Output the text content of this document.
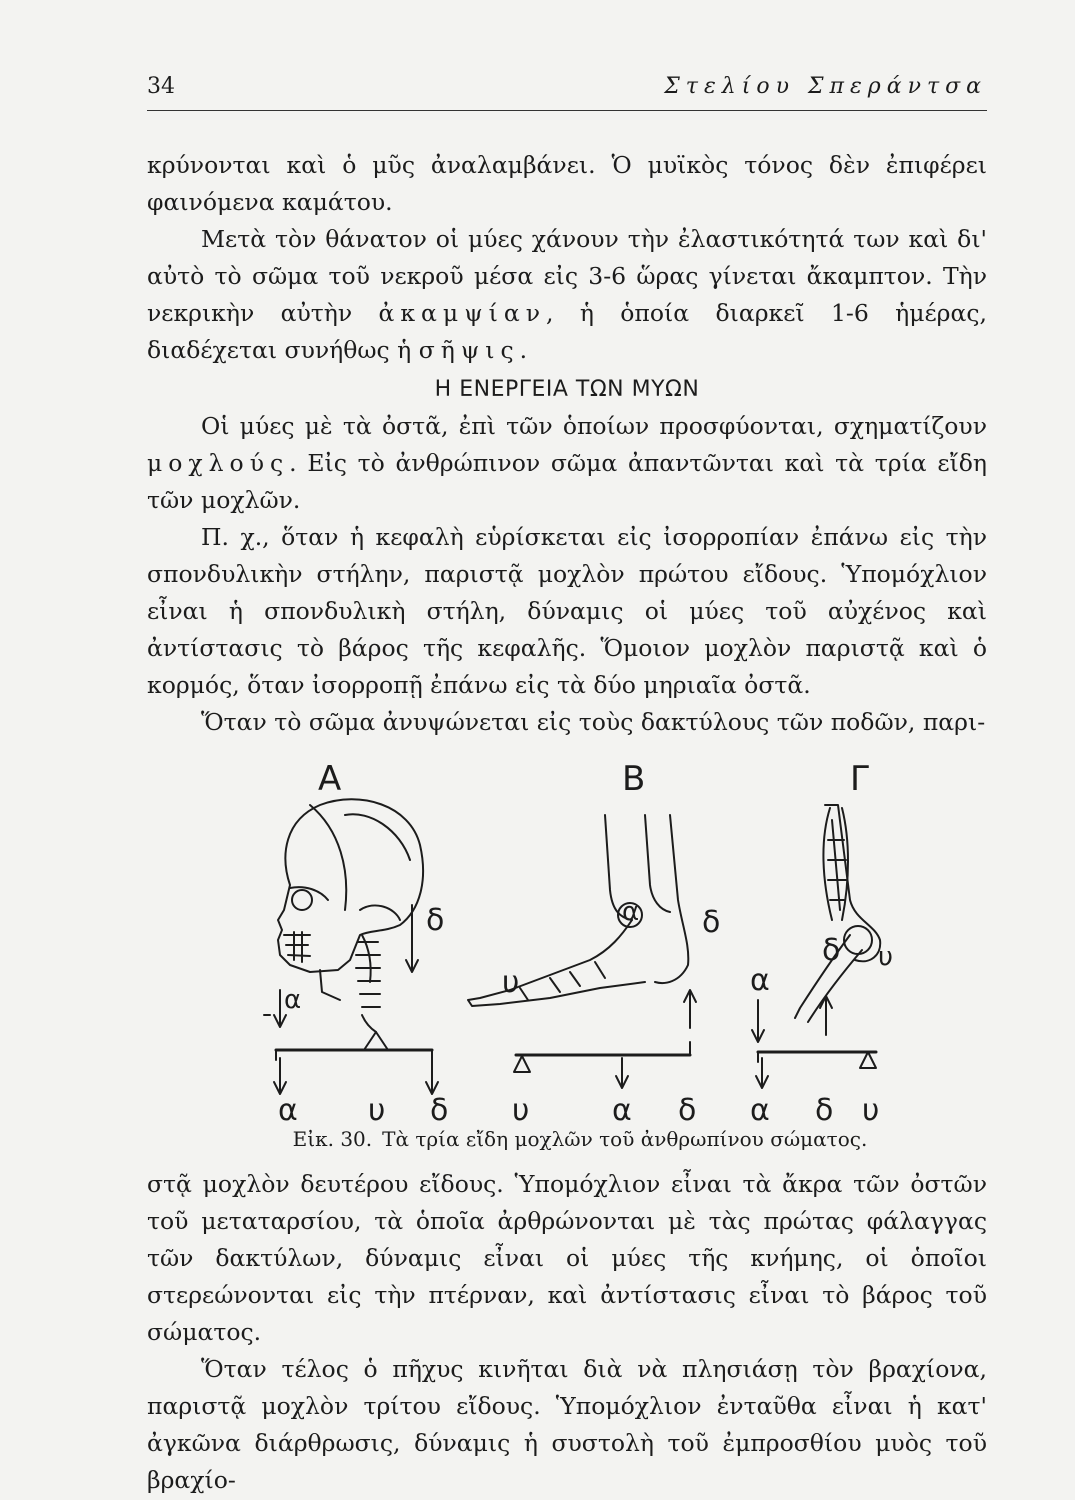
34	Στελίου Σπεράντσα

κρύνονται καὶ ὁ μῦς ἀναλαμβάνει. Ὁ μυϊκὸς τόνος δὲν ἐπιφέρει φαινόμενα καμάτου.

Μετὰ τὸν θάνατον οἱ μύες χάνουν τὴν ἐλαστικότητά των καὶ δι' αὐτὸ τὸ σῶμα τοῦ νεκροῦ μέσα εἰς 3-6 ὥρας γίνεται ἄκαμπτον. Τὴν νεκρικὴν αὐτὴν ἀκαμψίαν, ἡ ὁποία διαρκεῖ 1-6 ἡμέρας, διαδέχεται συνήθως ἡ σῆψις.

Η ΕΝΕΡΓΕΙΑ ΤΩΝ ΜΥΩΝ

Οἱ μύες μὲ τὰ ὀστᾶ, ἐπὶ τῶν ὁποίων προσφύονται, σχηματίζουν μοχλούς. Εἰς τὸ ἀνθρώπινον σῶμα ἀπαντῶνται καὶ τὰ τρία εἴδη τῶν μοχλῶν.

Π. χ., ὅταν ἡ κεφαλὴ εὑρίσκεται εἰς ἰσορροπίαν ἐπάνω εἰς τὴν σπονδυλικὴν στήλην, παριστᾷ μοχλὸν πρώτου εἴδους. Ὑπομόχλιον εἶναι ἡ σπονδυλικὴ στήλη, δύναμις οἱ μύες τοῦ αὐχένος καὶ ἀντίστασις τὸ βάρος τῆς κεφαλῆς. Ὅμοιον μοχλὸν παριστᾷ καὶ ὁ κορμός, ὅταν ἰσορροπῇ ἐπάνω εἰς τὰ δύο μηριαῖα ὀστᾶ.

Ὅταν τὸ σῶμα ἀνυψώνεται εἰς τοὺς δακτύλους τῶν ποδῶν, παρι-

Α
δ
α
α υ δ
Β
α δ
υ
υ	α δ
Γ
δ υ
α
α δ υ
Εἰκ. 30. Τὰ τρία εἴδη μοχλῶν τοῦ ἀνθρωπίνου σώματος.

στᾷ μοχλὸν δευτέρου εἴδους. Ὑπομόχλιον εἶναι τὰ ἄκρα τῶν ὀστῶν τοῦ μεταταρσίου, τὰ ὁποῖα ἀρθρώνονται μὲ τὰς πρώτας φάλαγγας τῶν δακτύλων, δύναμις εἶναι οἱ μύες τῆς κνήμης, οἱ ὁποῖοι στερεώνονται εἰς τὴν πτέρναν, καὶ ἀντίστασις εἶναι τὸ βάρος τοῦ σώματος.

Ὅταν τέλος ὁ πῆχυς κινῆται διὰ νὰ πλησιάσῃ τὸν βραχίονα, παριστᾷ μοχλὸν τρίτου εἴδους. Ὑπομόχλιον ἐνταῦθα εἶναι ἡ κατ' ἀγκῶνα διάρθρωσις, δύναμις ἡ συστολὴ τοῦ ἐμπροσθίου μυὸς τοῦ βραχίο-
